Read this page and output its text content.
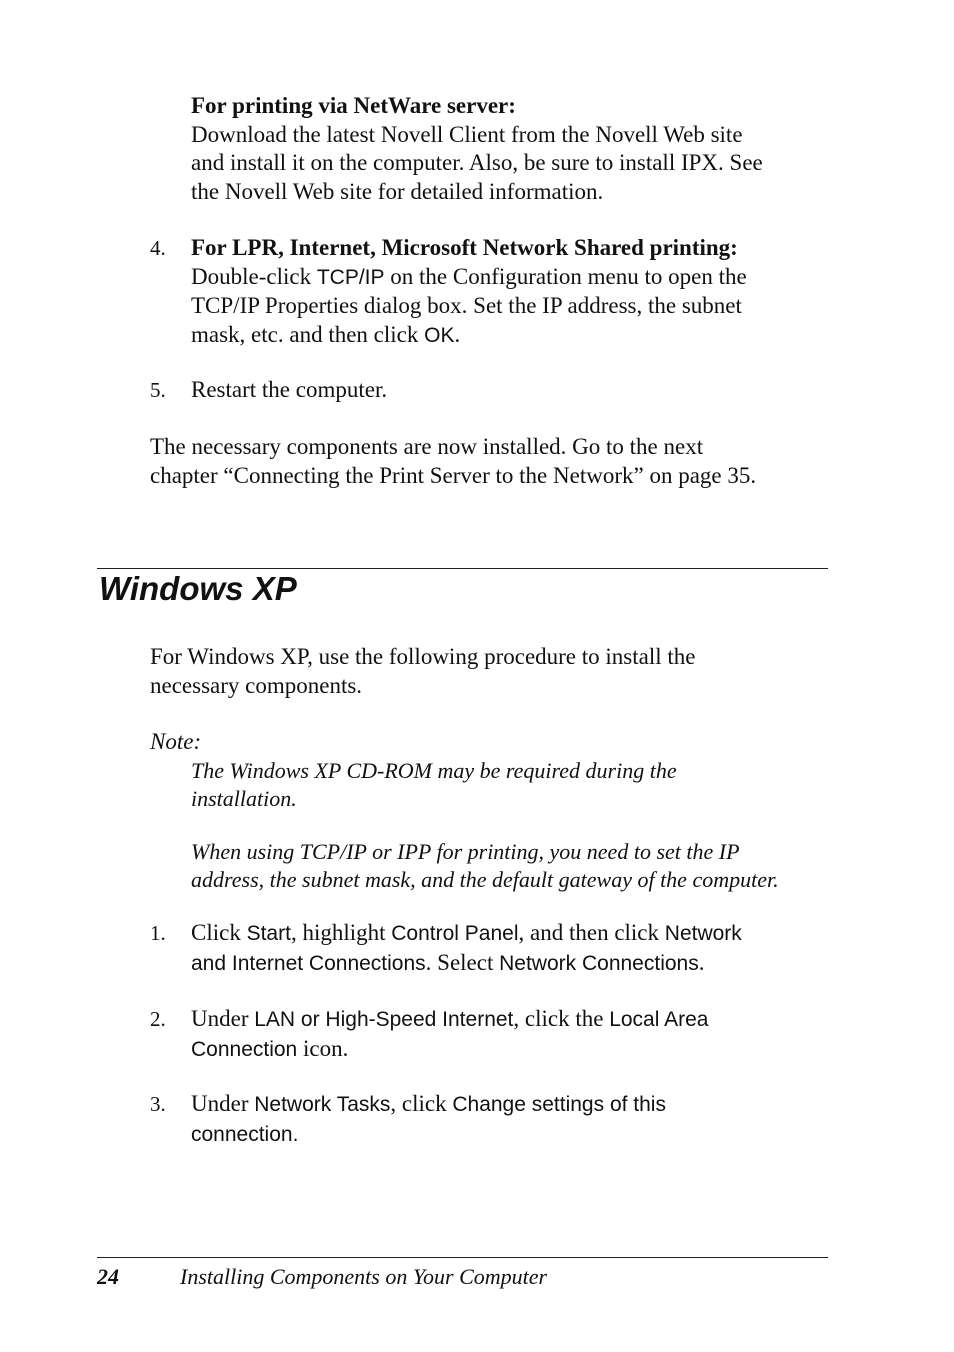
For printing via NetWare server:
Download the latest Novell Client from the Novell Web site
and install it on the computer. Also, be sure to install IPX. See
the Novell Web site for detailed information.
4. For LPR, Internet, Microsoft Network Shared printing:
Double-click TCP/IP on the Configuration menu to open the
TCP/IP Properties dialog box. Set the IP address, the subnet
mask, etc. and then click OK.
5. Restart the computer.
The necessary components are now installed. Go to the next
chapter “Connecting the Print Server to the Network” on page 35.
Windows XP
For Windows XP, use the following procedure to install the
necessary components.
Note:
The Windows XP CD-ROM may be required during the
installation.
When using TCP/IP or IPP for printing, you need to set the IP
address, the subnet mask, and the default gateway of the computer.
1. Click Start, highlight Control Panel, and then click Network
and Internet Connections. Select Network Connections.
2. Under LAN or High-Speed Internet, click the Local Area
Connection icon.
3. Under Network Tasks, click Change settings of this
connection.
24	Installing Components on Your Computer
